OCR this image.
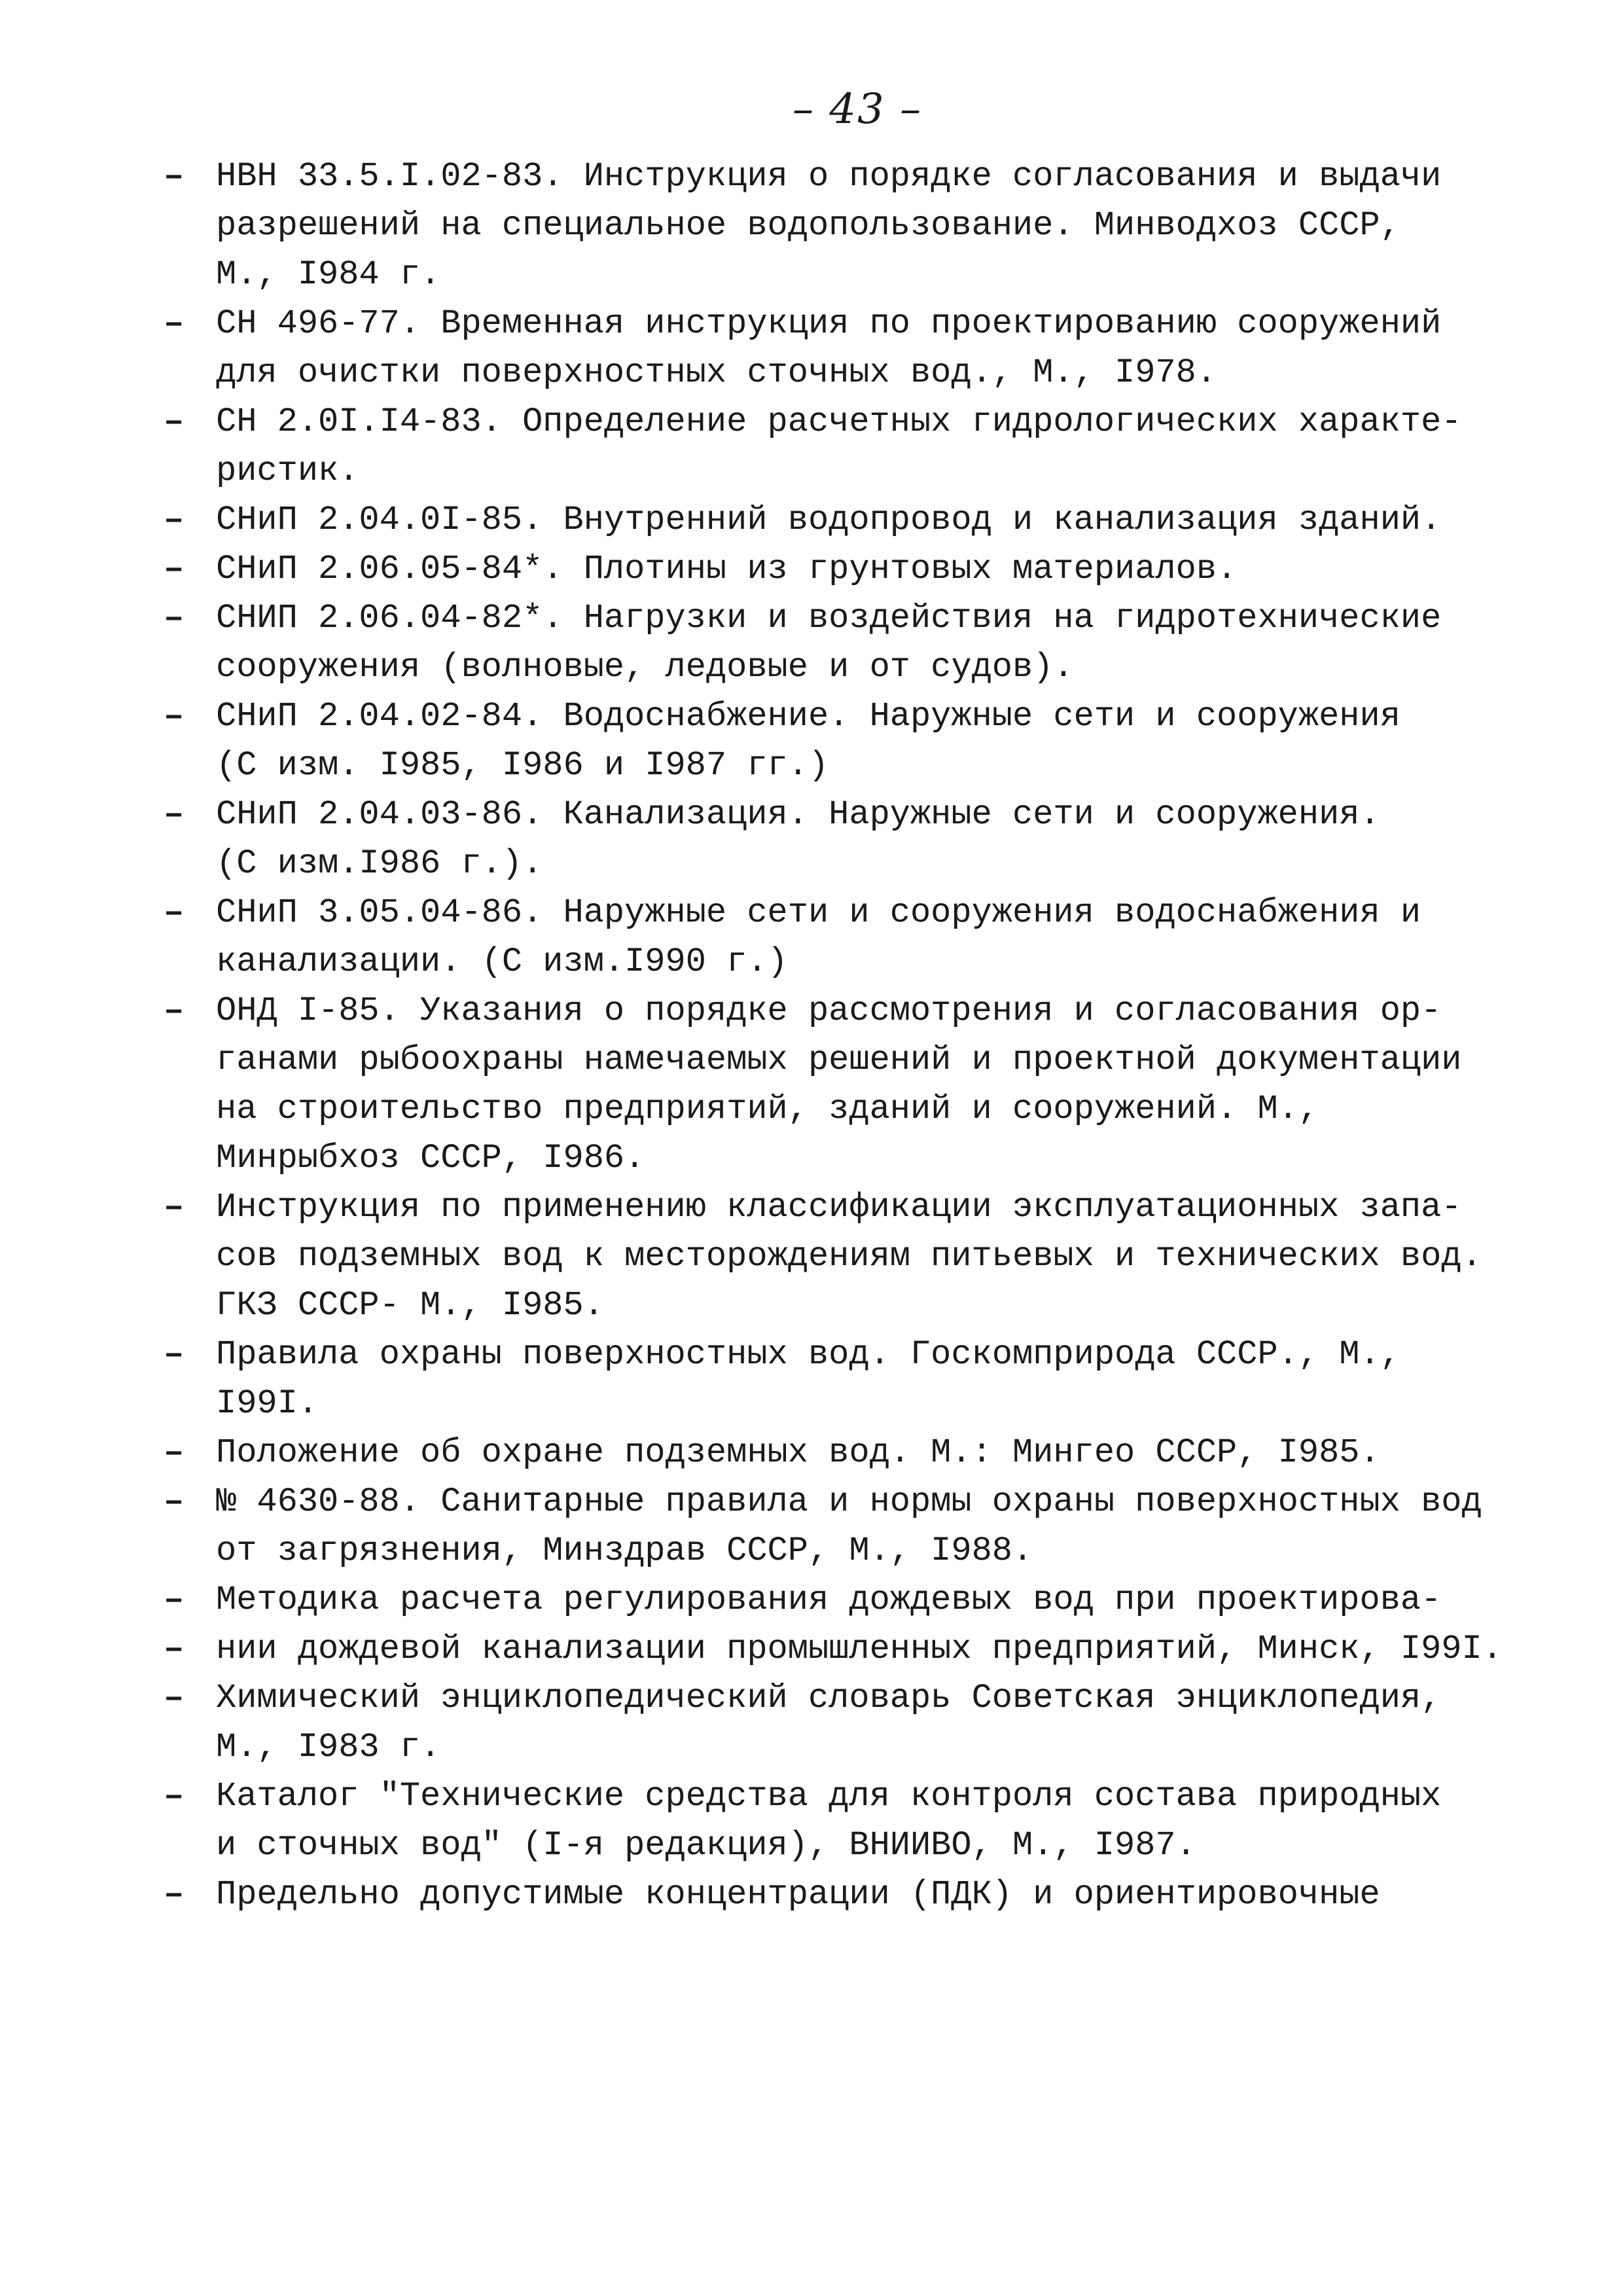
– 43 –
– НВН 33.5.I.02-83. Инструкция о порядке согласования и выдачи
разрешений на специальное водопользование. Минводхоз СССР,
М., I984 г.
– СН 496-77. Временная инструкция по проектированию сооружений
для очистки поверхностных сточных вод., М., I978.
– СН 2.0I.I4-83. Определение расчетных гидрологических характе-
ристик.
– СНиП 2.04.0I-85. Внутренний водопровод и канализация зданий.
– СНиП 2.06.05-84*. Плотины из грунтовых материалов.
– СНИП 2.06.04-82*. Нагрузки и воздействия на гидротехнические
сооружения (волновые, ледовые и от судов).
– СНиП 2.04.02-84. Водоснабжение. Наружные сети и сооружения
(С изм. I985, I986 и I987 гг.)
– СНиП 2.04.03-86. Канализация. Наружные сети и сооружения.
(С изм.I986 г.).
– СНиП 3.05.04-86. Наружные сети и сооружения водоснабжения и
канализации. (С изм.I990 г.)
– ОНД I-85. Указания о порядке рассмотрения и согласования ор-
ганами рыбоохраны намечаемых решений и проектной документации
на строительство предприятий, зданий и сооружений. М.,
Минрыбхоз СССР, I986.
– Инструкция по применению классификации эксплуатационных запа-
сов подземных вод к месторождениям питьевых и технических вод.
ГКЗ СССР- М., I985.
– Правила охраны поверхностных вод. Госкомприрода СССР., М.,
I99I.
– Положение об охране подземных вод. М.: Мингео СССР, I985.
– № 4630-88. Санитарные правила и нормы охраны поверхностных вод
от загрязнения, Минздрав СССР, М., I988.
– –
Методика расчета регулирования дождевых вод при проектирова-
нии дождевой канализации промышленных предприятий, Минск, I99I.
– Химический энциклопедический словарь Советская энциклопедия,
М., I983 г.
– Каталог "Технические средства для контроля состава природных
и сточных вод" (I-я редакция), ВНИИВО, М., I987.
– Предельно допустимые концентрации (ПДК) и ориентировочные
